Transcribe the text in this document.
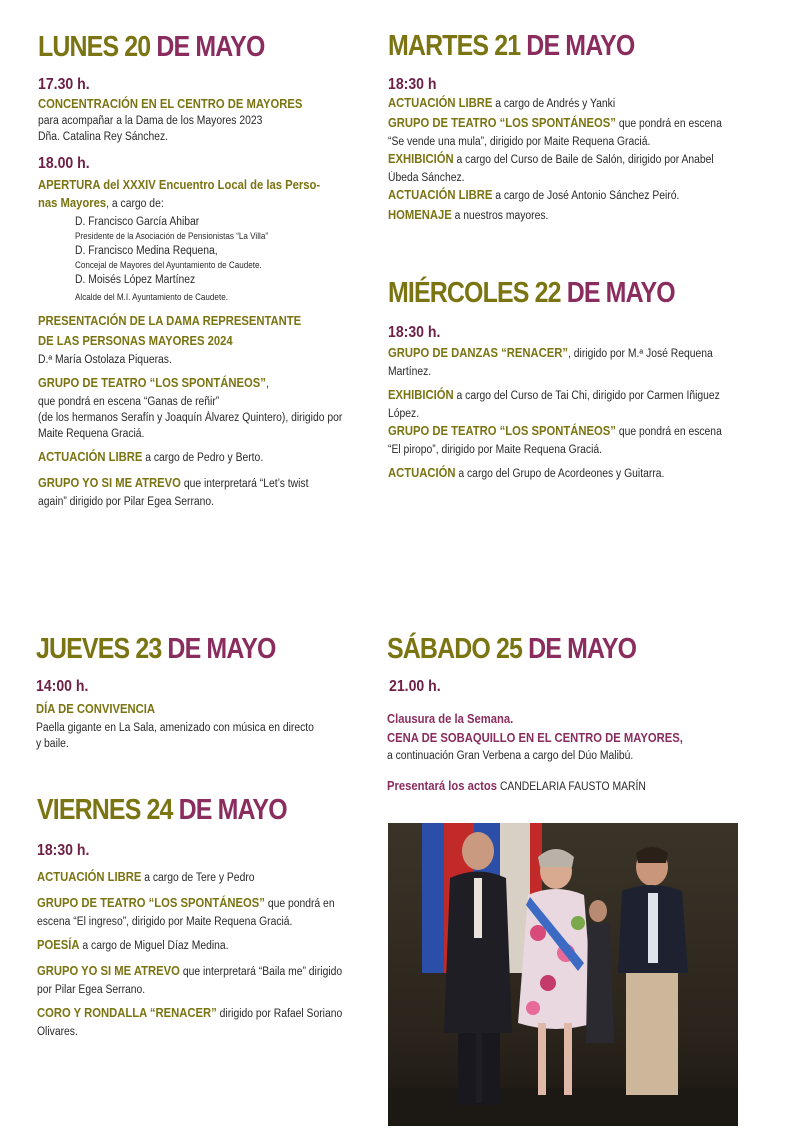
LUNES 20 DE MAYO

17.30 h.

CONCENTRACIÓN EN EL CENTRO DE MAYORES
para acompañar a la Dama de los Mayores 2023
Dña. Catalina Rey Sánchez.

18.00 h.

APERTURA del XXXIV Encuentro Local de las Perso-
nas Mayores, a cargo de:
D. Francisco García Ahibar
Presidente de la Asociación de Pensionistas “La Villa”
D. Francisco Medina Requena,
Concejal de Mayores del Ayuntamiento de Caudete.
D. Moisés López Martínez
Alcalde del M.I. Ayuntamiento de Caudete.
PRESENTACIÓN DE LA DAMA REPRESENTANTE
DE LAS PERSONAS MAYORES 2024
D.ª María Ostolaza Piqueras.
GRUPO DE TEATRO “LOS SPONTÁNEOS”,
que pondrá en escena “Ganas de reñir”
(de los hermanos Serafín y Joaquín Álvarez Quintero), dirigido por
Maite Requena Graciá.
ACTUACIÓN LIBRE a cargo de Pedro y Berto.
GRUPO YO SI ME ATREVO que interpretará “Let’s twist
again” dirigido por Pilar Egea Serrano.
MARTES 21 DE MAYO

18:30 h

ACTUACIÓN LIBRE a cargo de Andrés y Yanki
GRUPO DE TEATRO “LOS SPONTÁNEOS” que pondrá en escena
“Se vende una mula”, dirigido por Maite Requena Graciá.
EXHIBICIÓN a cargo del Curso de Baile de Salón, dirigido por Anabel
Úbeda Sánchez.
ACTUACIÓN LIBRE a cargo de José Antonio Sánchez Peiró.
HOMENAJE a nuestros mayores.
MIÉRCOLES 22 DE MAYO

18:30 h.

GRUPO DE DANZAS “RENACER”, dirigido por M.ª José Requena
Martínez.
EXHIBICIÓN a cargo del Curso de Tai Chi, dirigido por Carmen Iñiguez
López.
GRUPO DE TEATRO “LOS SPONTÁNEOS” que pondrá en escena
“El piropo”, dirigido por Maite Requena Graciá.
ACTUACIÓN a cargo del Grupo de Acordeones y Guitarra.
JUEVES 23 DE MAYO

14:00 h.

DÍA DE CONVIVENCIA
Paella gigante en La Sala, amenizado con música en directo
y baile.
VIERNES 24 DE MAYO

18:30 h.

ACTUACIÓN LIBRE a cargo de Tere y Pedro
GRUPO DE TEATRO “LOS SPONTÁNEOS” que pondrá en
escena “El ingreso”, dirigido por Maite Requena Graciá.
POESÍA a cargo de Miguel Díaz Medina.
GRUPO YO SI ME ATREVO que interpretará “Baila me” dirigido
por Pilar Egea Serrano.
CORO Y RONDALLA “RENACER” dirigido por Rafael Soriano
Olivares.
SÁBADO 25 DE MAYO

21.00 h.

Clausura de la Semana.
CENA DE SOBAQUILLO EN EL CENTRO DE MAYORES,
a continuación Gran Verbena a cargo del Dúo Malibú.
Presentará los actos CANDELARIA FAUSTO MARÍN
